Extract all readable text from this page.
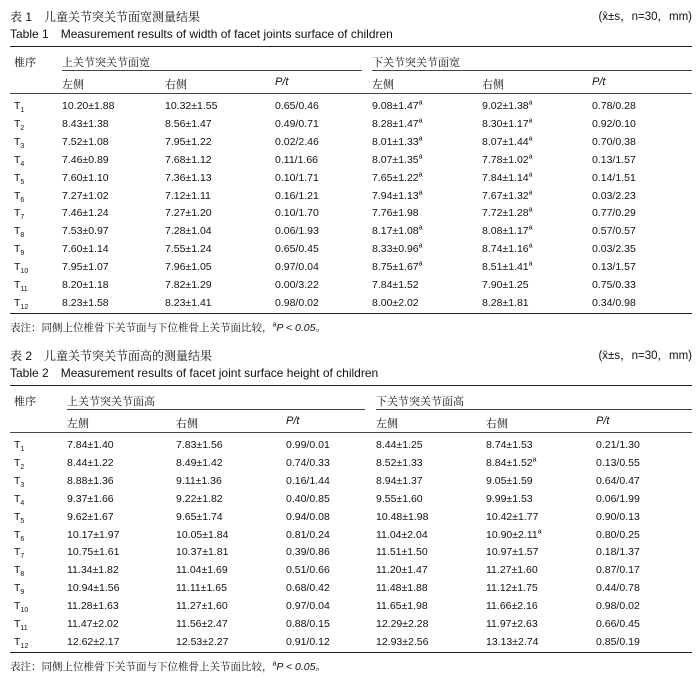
表 1　儿童关节突关节面宽测量结果	(x̄±s，n=30，mm)
Table 1　Measurement results of width of facet joints surface of children
椎序 上关节突关节面宽	下关节突关节面宽
左侧	右侧	P/t	左侧	右侧	P/t
$T_1$	10.20±1.88	10.32±1.55	0.65/0.46	9.08±1.47$^a$	9.02±1.38$^a$	0.78/0.28
$T_2$	8.43±1.38	8.56±1.47	0.49/0.71	8.28±1.47$^a$	8.30±1.17$^a$	0.92/0.10
$T_3$	7.52±1.08	7.95±1.22	0.02/2.46	8.01±1.33$^a$	8.07±1.44$^a$	0.70/0.38
$T_4$	7.46±0.89	7.68±1.12	0.11/1.66	8.07±1.35$^a$	7.78±1.02$^a$	0.13/1.57
$T_5$	7.60±1.10	7.36±1.13	0.10/1.71	7.65±1.22$^a$	7.84±1.14$^a$	0.14/1.51
$T_6$	7.27±1.02	7.12±1.11	0.16/1.21	7.94±1.13$^a$	7.67±1.32$^a$	0.03/2.23
$T_7$	7.46±1.24	7.27±1.20	0.10/1.70	7.76±1.98	7.72±1.28$^a$	0.77/0.29
$T_8$	7.53±0.97	7.28±1.04	0.06/1.93	8.17±1.08$^a$	8.08±1.17$^a$	0.57/0.57
$T_9$	7.60±1.14	7.55±1.24	0.65/0.45	8.33±0.96$^a$	8.74±1.16$^a$	0.03/2.35
$T_{10}$	7.95±1.07	7.96±1.05	0.97/0.04	8.75±1.67$^a$	8.51±1.41$^a$	0.13/1.57
$T_{11}$	8.20±1.18	7.82±1.29	0.00/3.22	7.84±1.52	7.90±1.25	0.75/0.33
$T_{12}$	8.23±1.58	8.23±1.41	0.98/0.02	8.00±2.02	8.28±1.81	0.34/0.98
表注：同侧上位椎骨下关节面与下位椎骨上关节面比较，$^a$P < 0.05。
表 2　儿童关节突关节面高的测量结果	(x̄±s，n=30，mm)
Table 2　Measurement results of facet joint surface height of children
椎序	上关节突关节面高	下关节突关节面高
左侧	右侧	P/t	左侧	右侧	P/t
$T_1$	7.84±1.40	7.83±1.56	0.99/0.01	8.44±1.25	8.74±1.53	0.21/1.30
$T_2$	8.44±1.22	8.49±1.42	0.74/0.33	8.52±1.33	8.84±1.52$^a$	0.13/0.55
$T_3$	8.88±1.36	9.11±1.36	0.16/1.44	8.94±1.37	9.05±1.59	0.64/0.47
$T_4$	9.37±1.66	9.22±1.82	0.40/0.85	9.55±1.60	9.99±1.53	0.06/1.99
$T_5$	9.62±1.67	9.65±1.74	0.94/0.08	10.48±1.98	10.42±1.77	0.90/0.13
$T_6$	10.17±1.97	10.05±1.84	0.81/0.24	11.04±2.04	10.90±2.11$^a$	0.80/0.25
$T_7$	10.75±1.61	10.37±1.81	0.39/0.86	11.51±1.50	10.97±1.57	0.18/1.37
$T_8$	11.34±1.82	11.04±1.69	0.51/0.66	11.20±1.47	11.27±1.60	0.87/0.17
$T_9$	10.94±1.56	11.11±1.65	0.68/0.42	11.48±1.88	11.12±1.75	0.44/0.78
$T_{10}$	11.28±1.63	11.27±1.60	0.97/0.04	11.65±1.98	11.66±2.16	0.98/0.02
$T_{11}$	11.47±2.02	11.56±2.47	0.88/0.15	12.29±2.28	11.97±2.63	0.66/0.45
$T_{12}$	12.62±2.17	12.53±2.27	0.91/0.12	12.93±2.56	13.13±2.74	0.85/0.19
表注：同侧上位椎骨下关节面与下位椎骨上关节面比较，$^a$P < 0.05。
